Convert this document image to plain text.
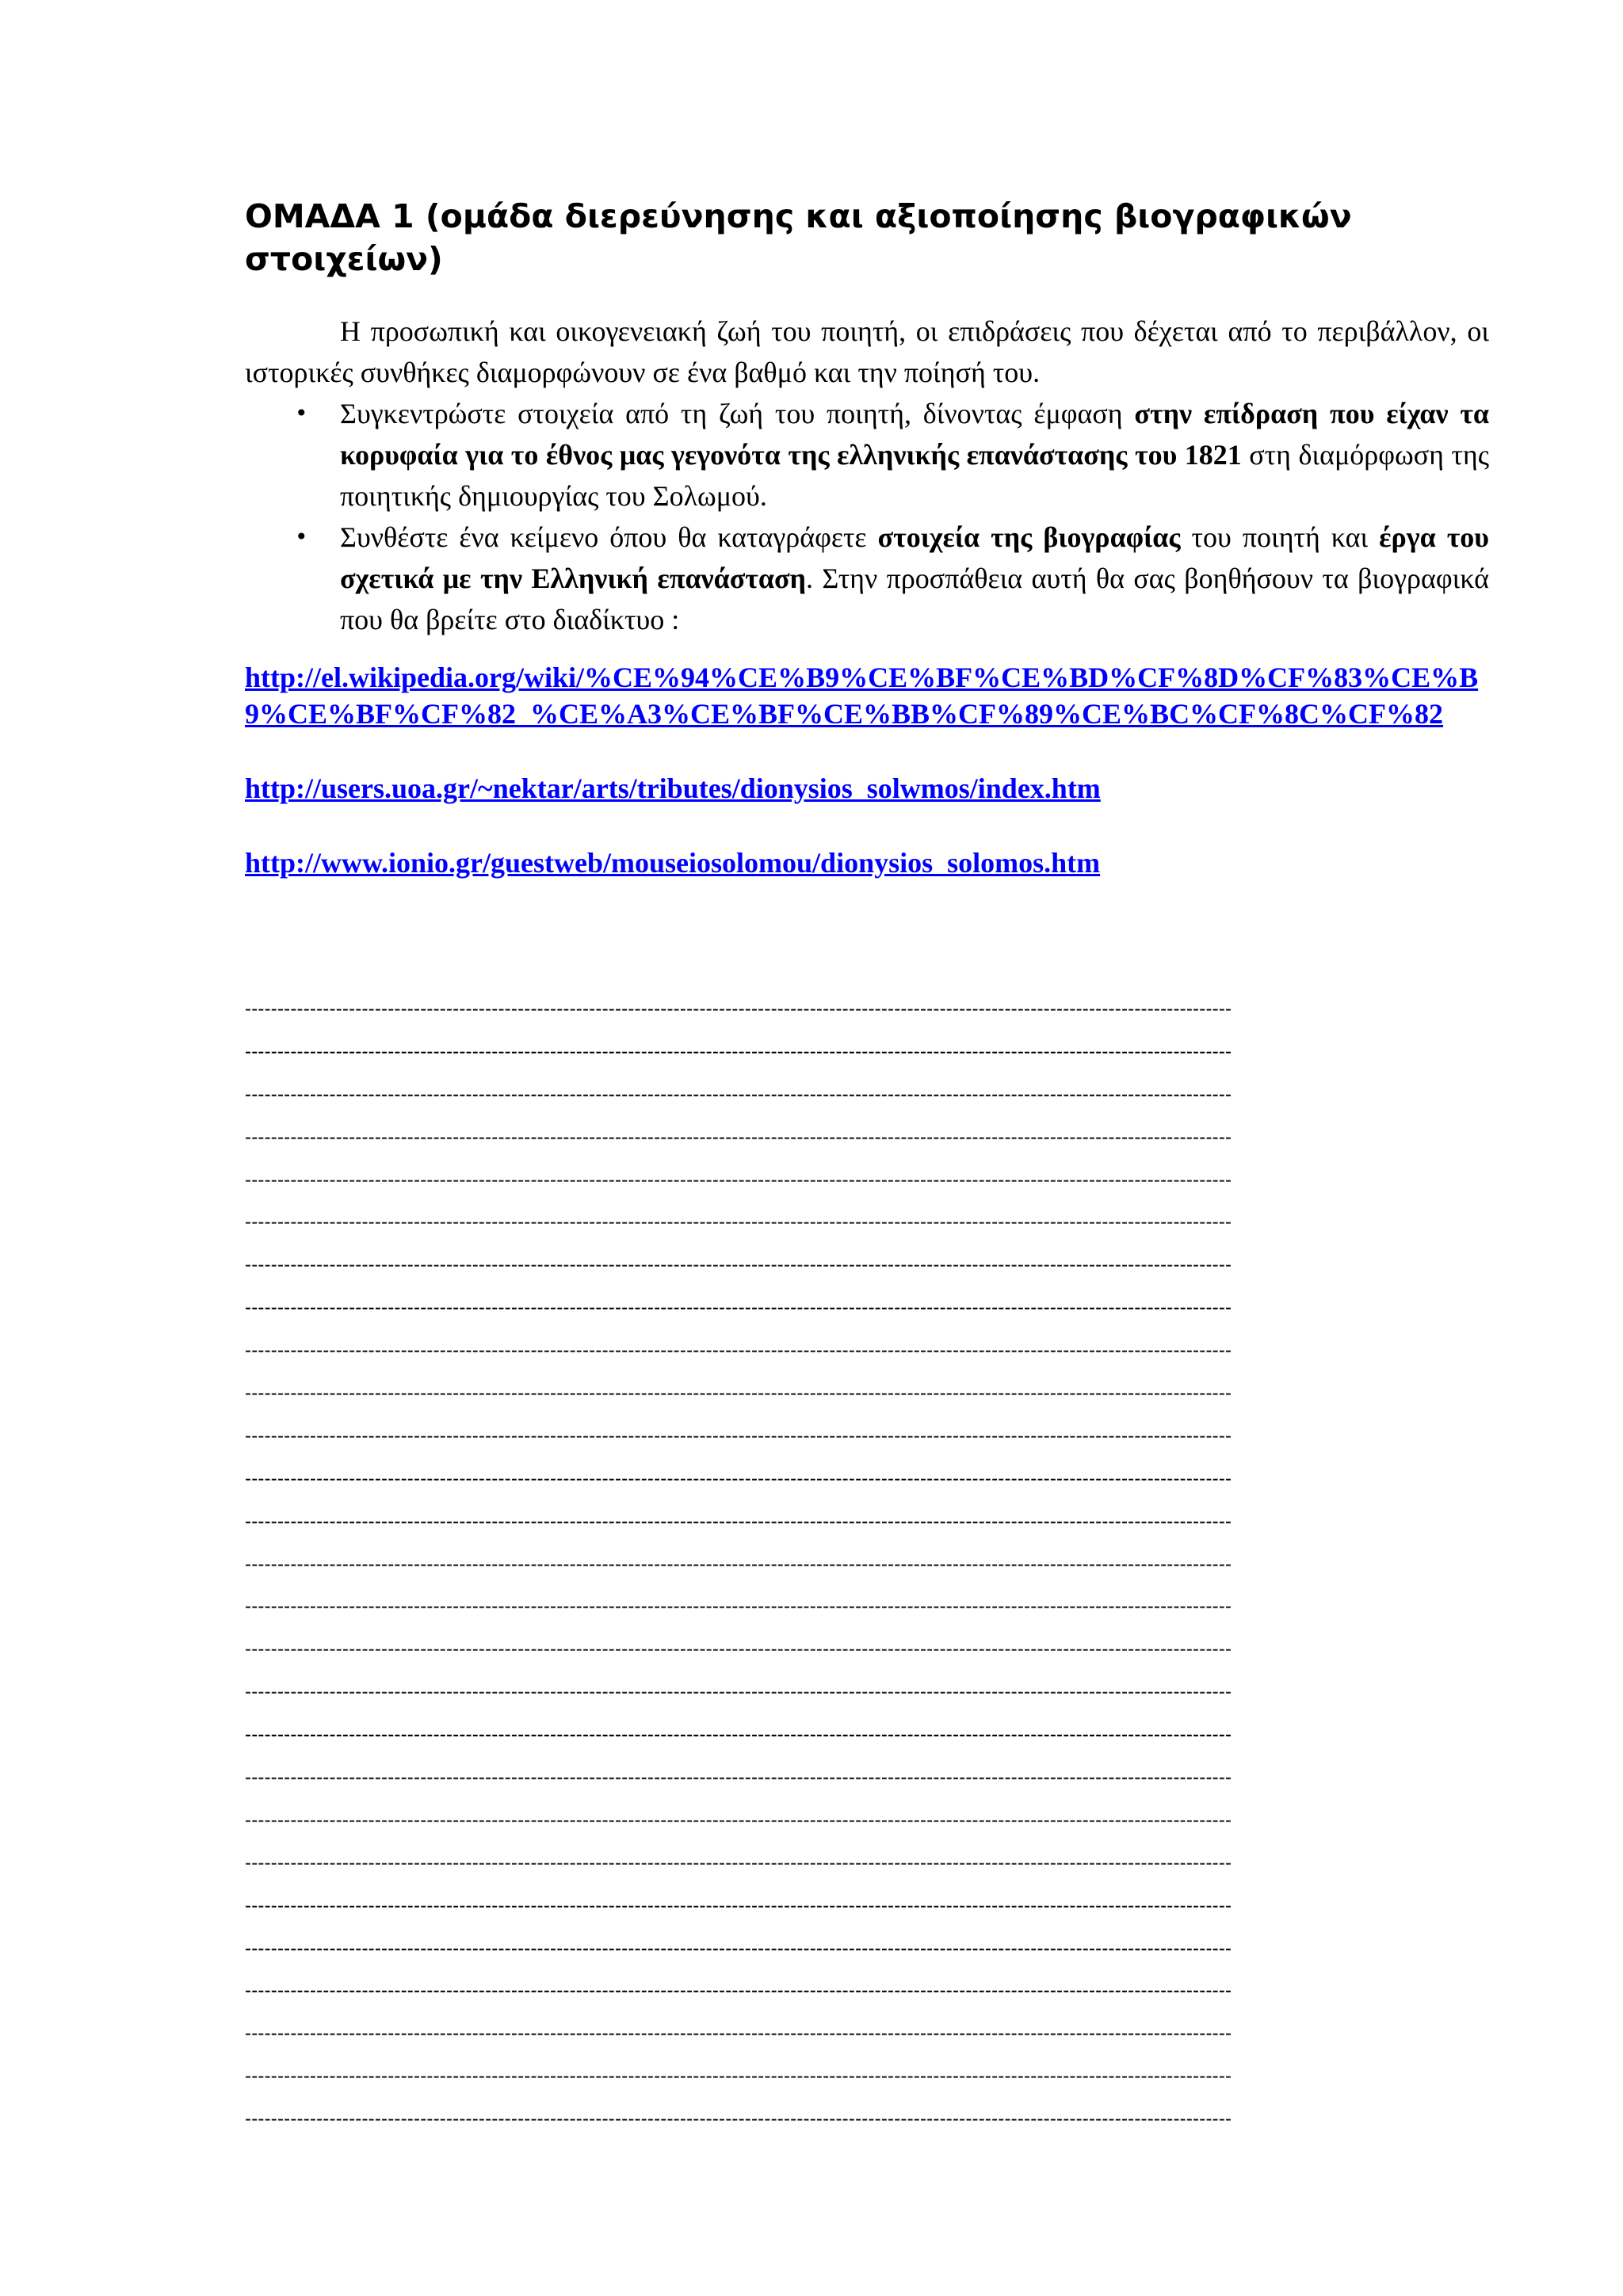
ΟΜΑΔΑ 1 (ομάδα διερεύνησης και αξιοποίησης βιογραφικών στοιχείων)

Η προσωπική και οικογενειακή ζωή του ποιητή, οι επιδράσεις που δέχεται από το περιβάλλον, οι ιστορικές συνθήκες διαμορφώνουν σε ένα βαθμό και την ποίησή του.

• Συγκεντρώστε στοιχεία από τη ζωή του ποιητή, δίνοντας έμφαση στην επίδραση που είχαν τα κορυφαία για το έθνος μας γεγονότα της ελληνικής επανάστασης του 1821 στη διαμόρφωση της ποιητικής δημιουργίας του Σολωμού.
• Συνθέστε ένα κείμενο όπου θα καταγράφετε στοιχεία της βιογραφίας του ποιητή και έργα του σχετικά με την Ελληνική επανάσταση. Στην προσπάθεια αυτή θα σας βοηθήσουν τα βιογραφικά που θα βρείτε στο διαδίκτυο :
http://el.wikipedia.org/wiki/%CE%94%CE%B9%CE%BF%CE%BD%CF%8D%CF%83%CE%B9%CE%BF%CF%82_%CE%A3%CE%BF%CE%BB%CF%89%CE%BC%CF%8C%CF%82
http://users.uoa.gr/~nektar/arts/tributes/dionysios_solwmos/index.htm
http://www.ionio.gr/guestweb/mouseiosolomou/dionysios_solomos.htm
--------------------------------------------------------------------------------------------------------------------------------------------------------
--------------------------------------------------------------------------------------------------------------------------------------------------------
--------------------------------------------------------------------------------------------------------------------------------------------------------
--------------------------------------------------------------------------------------------------------------------------------------------------------
--------------------------------------------------------------------------------------------------------------------------------------------------------
--------------------------------------------------------------------------------------------------------------------------------------------------------
--------------------------------------------------------------------------------------------------------------------------------------------------------
--------------------------------------------------------------------------------------------------------------------------------------------------------
--------------------------------------------------------------------------------------------------------------------------------------------------------
--------------------------------------------------------------------------------------------------------------------------------------------------------
--------------------------------------------------------------------------------------------------------------------------------------------------------
--------------------------------------------------------------------------------------------------------------------------------------------------------
--------------------------------------------------------------------------------------------------------------------------------------------------------
--------------------------------------------------------------------------------------------------------------------------------------------------------
--------------------------------------------------------------------------------------------------------------------------------------------------------
--------------------------------------------------------------------------------------------------------------------------------------------------------
--------------------------------------------------------------------------------------------------------------------------------------------------------
--------------------------------------------------------------------------------------------------------------------------------------------------------
--------------------------------------------------------------------------------------------------------------------------------------------------------
--------------------------------------------------------------------------------------------------------------------------------------------------------
--------------------------------------------------------------------------------------------------------------------------------------------------------
--------------------------------------------------------------------------------------------------------------------------------------------------------
--------------------------------------------------------------------------------------------------------------------------------------------------------
--------------------------------------------------------------------------------------------------------------------------------------------------------
--------------------------------------------------------------------------------------------------------------------------------------------------------
--------------------------------------------------------------------------------------------------------------------------------------------------------
--------------------------------------------------------------------------------------------------------------------------------------------------------
